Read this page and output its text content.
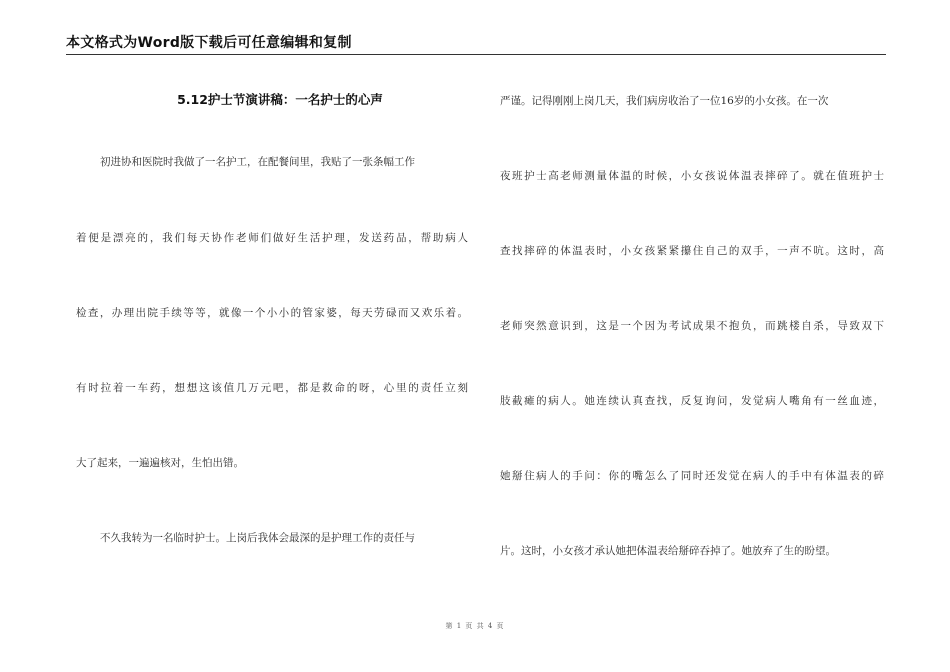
本文格式为Word版下载后可任意编辑和复制
5.12护士节演讲稿：一名护士的心声
初进协和医院时我做了一名护工，在配餐间里，我贴了一张条幅工作
着便是漂亮的，我们每天协作老师们做好生活护理，发送药品，帮助病人
检查，办理出院手续等等，就像一个小小的管家婆，每天劳碌而又欢乐着。
有时拉着一车药，想想这该值几万元吧，都是救命的呀，心里的责任立刻
大了起来，一遍遍核对，生怕出错。
不久我转为一名临时护士。上岗后我体会最深的是护理工作的责任与
严谨。记得刚刚上岗几天，我们病房收治了一位16岁的小女孩。在一次
夜班护士高老师测量体温的时候，小女孩说体温表摔碎了。就在值班护士
查找摔碎的体温表时，小女孩紧紧攥住自己的双手，一声不吭。这时，高
老师突然意识到，这是一个因为考试成果不抱负，而跳楼自杀，导致双下
肢截瘫的病人。她连续认真查找，反复询问，发觉病人嘴角有一丝血迹，
她掰住病人的手问：你的嘴怎么了同时还发觉在病人的手中有体温表的碎
片。这时，小女孩才承认她把体温表给掰碎吞掉了。她放弃了生的盼望。
第 1 页 共 4 页
